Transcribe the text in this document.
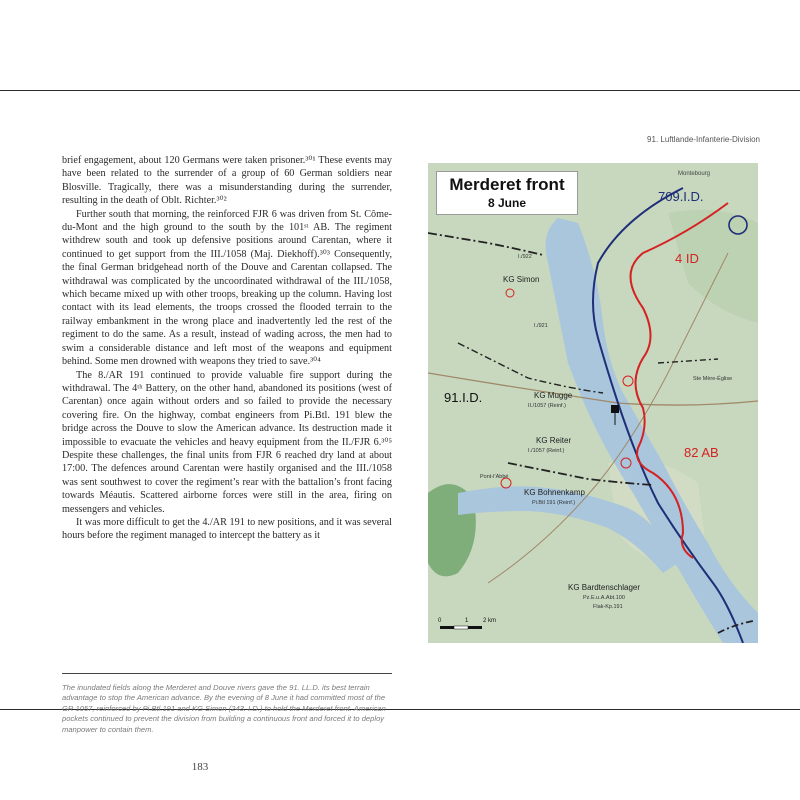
91. Luftlande-Infanterie-Division

brief engagement, about 120 Germans were taken prisoner.³⁰¹ These events may have been related to the surrender of a group of 60 German soldiers near Blosville. Tragically, there was a misunderstanding during the surrender, resulting in the death of Oblt. Richter.³⁰²

Further south that morning, the reinforced FJR 6 was driven from St. Côme-du-Mont and the high ground to the south by the 101ˢᵗ AB. The regiment withdrew south and took up defensive positions around Carentan, where it continued to get support from the III./1058 (Maj. Diekhoff).³⁰³ Consequently, the final German bridgehead north of the Douve and Carentan collapsed. The withdrawal was complicated by the uncoordinated withdrawal of the III./1058, which became mixed up with other troops, breaking up the column. Having lost contact with its lead elements, the troops crossed the flooded terrain to the railway embankment in the wrong place and inadvertently led the rest of the regiment to do the same. As a result, instead of wading across, the men had to swim a considerable distance and left most of the weapons and equipment behind. Some men drowned with weapons they tried to save.³⁰⁴

The 8./AR 191 continued to provide valuable fire support during the withdrawal. The 4ᵗʰ Battery, on the other hand, abandoned its positions (west of Carentan) once again without orders and so failed to provide the necessary covering fire. On the highway, combat engineers from Pi.Btl. 191 blew the bridge across the Douve to slow the American advance. Its destruction made it impossible to evacuate the vehicles and heavy equipment from the II./FJR 6.³⁰⁵ Despite these challenges, the final units from FJR 6 reached dry land at about 17:00. The defences around Carentan were hastily organised and the III./1058 was sent southwest to cover the regiment’s rear with the battalion’s front facing towards Méautis. Scattered airborne forces were still in the area, firing on messengers and vehicles.

It was more difficult to get the 4./AR 191 to new positions, and it was several hours before the regiment managed to intercept the battery as it

The inundated fields along the Merderet and Douve rivers gave the 91. LL.D. its best terrain advantage to stop the American advance. By the evening of 8 June it had committed most of the GR 1057, reinforced by Pi.Btl.191 and KG Simon (243. I.D.) to hold the Merderet front. American pockets continued to prevent the division from building a continuous front and forced it to deploy manpower to contain them.
183
Merderet front
8 June
Montebourg
709.I.D.
4 ID
82 AB
91.I.D.
I./922
KG Simon
I./921
KG Mugge
II./1057 (Reinf.)
KG Reiter
I./1057 (Reinf.)
KG Bohnenkamp
Pi.Btl 191 (Reinf.)
KG Bardtenschlager
Pz.E.u.A.Abt.100
Flak-Kp.191
Ste Mère-Église
Pont-l’Abbé
0	1 2 km
